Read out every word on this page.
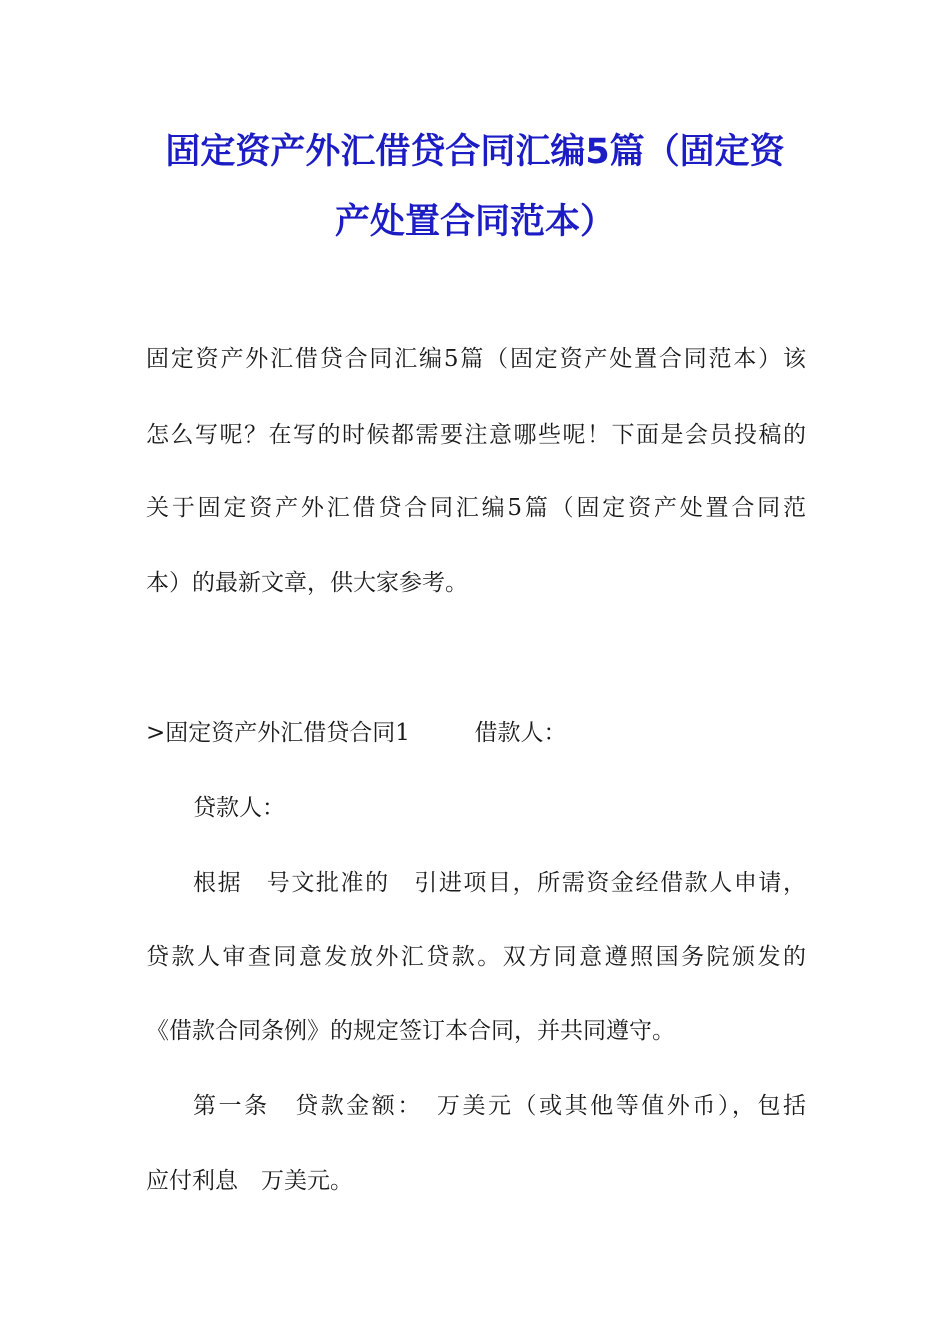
固定资产外汇借贷合同汇编5篇（固定资
产处置合同范本）
固定资产外汇借贷合同汇编5篇（固定资产处置合同范本）该
怎么写呢？在写的时候都需要注意哪些呢！下面是会员投稿的
关于固定资产外汇借贷合同汇编5篇（固定资产处置合同范
本）的最新文章，供大家参考。
>固定资产外汇借贷合同1	借款人：
贷款人：
根据　号文批准的　引进项目，所需资金经借款人申请，
贷款人审查同意发放外汇贷款。双方同意遵照国务院颁发的
《借款合同条例》的规定签订本合同，并共同遵守。
第一条　贷款金额：　万美元（或其他等值外币），包括
应付利息　万美元。
